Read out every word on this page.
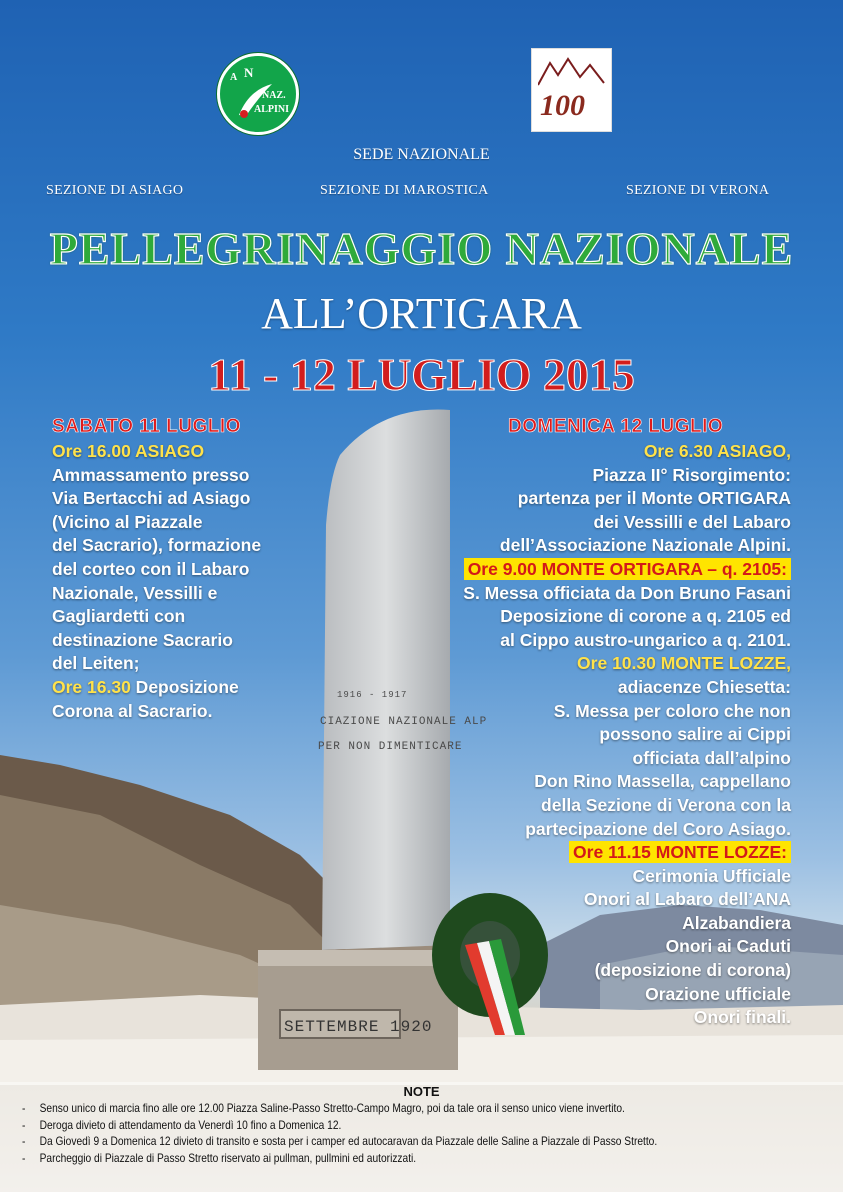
1916 - 1917
CIAZIONE NAZIONALE ALP
PER NON DIMENTICARE
SETTEMBRE 1920
A N
NAZ.
ALPINI	100
SEDE NAZIONALE
SEZIONE DI ASIAGO	SEZIONE DI MAROSTICA	SEZIONE DI VERONA
PELLEGRINAGGIO NAZIONALE
ALL’ORTIGARA
11 - 12 LUGLIO 2015
SABATO 11 LUGLIO
Ore 16.00 ASIAGO
Ammassamento presso
Via Bertacchi ad Asiago
(Vicino al Piazzale
del Sacrario), formazione
del corteo con il Labaro
Nazionale, Vessilli e
Gagliardetti con
destinazione Sacrario
del Leiten;
Ore 16.30 Deposizione
Corona al Sacrario.
DOMENICA 12 LUGLIO
Ore 6.30 ASIAGO,
Piazza II° Risorgimento:
partenza per il Monte ORTIGARA
dei Vessilli e del Labaro
dell’Associazione Nazionale Alpini.
Ore 9.00 MONTE ORTIGARA – q. 2105:
S. Messa officiata da Don Bruno Fasani
Deposizione di corone a q. 2105 ed
al Cippo austro-ungarico a q. 2101.
Ore 10.30 MONTE LOZZE,
adiacenze Chiesetta:
S. Messa per coloro che non
possono salire ai Cippi
officiata dall’alpino
Don Rino Massella, cappellano
della Sezione di Verona con la
partecipazione del Coro Asiago.
Ore 11.15 MONTE LOZZE:
Cerimonia Ufficiale
Onori al Labaro dell’ANA
Alzabandiera
Onori ai Caduti
(deposizione di corona)
Orazione ufficiale
Onori finali.
NOTE
- Senso unico di marcia fino alle ore 12.00 Piazza Saline-Passo Stretto-Campo Magro, poi da tale ora il senso unico viene invertito.
- Deroga divieto di attendamento da Venerdì 10 fino a Domenica 12.
- Da Giovedì 9 a Domenica 12 divieto di transito e sosta per i camper ed autocaravan da Piazzale delle Saline a Piazzale di Passo Stretto.
- Parcheggio di Piazzale di Passo Stretto riservato ai pullman, pullmini ed autorizzati.
